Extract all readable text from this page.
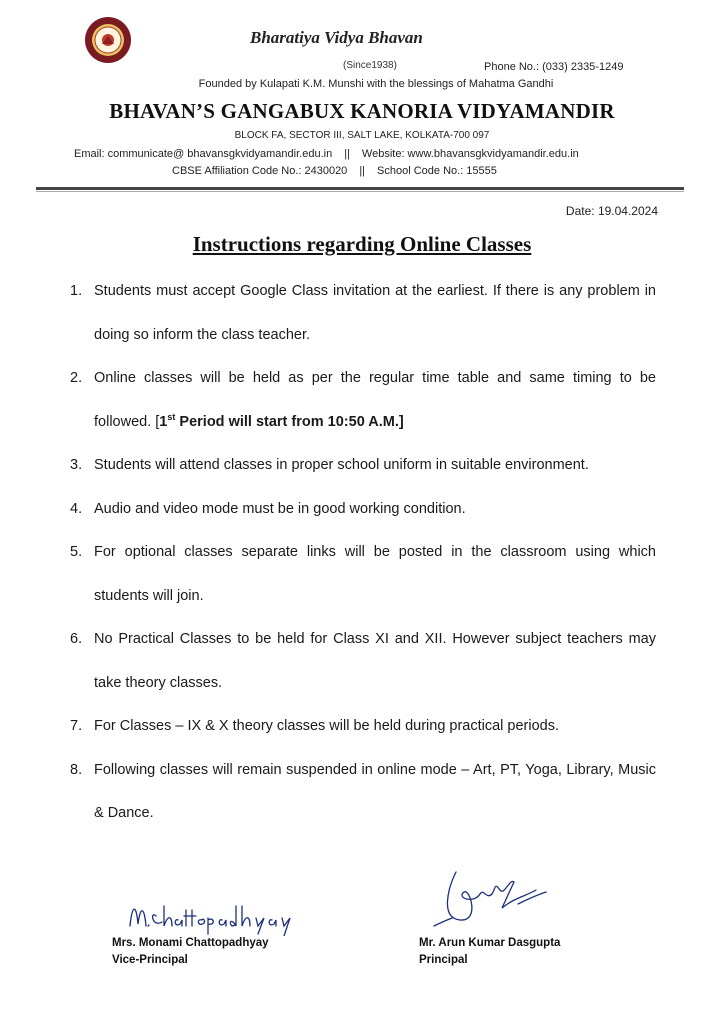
Bharatiya Vidya Bhavan
(Since1938)	Phone No.: (033) 2335-1249
Founded by Kulapati K.M. Munshi with the blessings of Mahatma Gandhi
BHAVAN’S GANGABUX KANORIA VIDYAMANDIR
BLOCK FA, SECTOR III, SALT LAKE, KOLKATA-700 097
Email: communicate@ bhavansgkvidyamandir.edu.in || Website: www.bhavansgkvidyamandir.edu.in
CBSE Affiliation Code No.: 2430020 || School Code No.: 15555
Date: 19.04.2024
Instructions regarding Online Classes
1. Students must accept Google Class invitation at the earliest. If there is any problem in doing so inform the class teacher.
2. Online classes will be held as per the regular time table and same timing to be followed. [1st Period will start from 10:50 A.M.]
3. Students will attend classes in proper school uniform in suitable environment.
4. Audio and video mode must be in good working condition.
5. For optional classes separate links will be posted in the classroom using which students will join.
6. No Practical Classes to be held for Class XI and XII. However subject teachers may take theory classes.
7. For Classes – IX & X theory classes will be held during practical periods.
8. Following classes will remain suspended in online mode – Art, PT, Yoga, Library, Music & Dance.
Mrs. Monami Chattopadhyay
Vice-Principal
Mr. Arun Kumar Dasgupta
Principal
